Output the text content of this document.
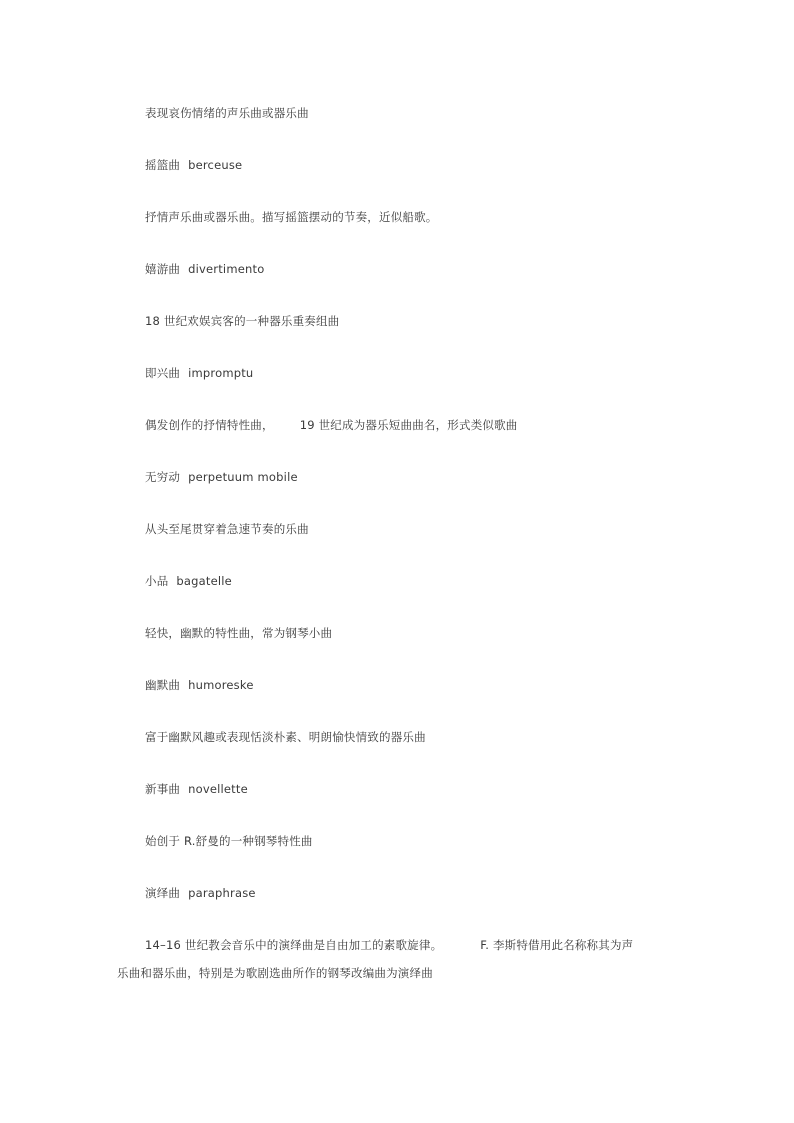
表现哀伤情绪的声乐曲或器乐曲
摇篮曲 berceuse
抒情声乐曲或器乐曲。描写摇篮摆动的节奏，近似船歌。
嬉游曲 divertimento
18 世纪欢娱宾客的一种器乐重奏组曲
即兴曲 impromptu
偶发创作的抒情特性曲， 19 世纪成为器乐短曲曲名，形式类似歌曲
无穷动 perpetuum mobile
从头至尾贯穿着急速节奏的乐曲
小品 bagatelle
轻快，幽默的特性曲，常为钢琴小曲
幽默曲 humoreske
富于幽默风趣或表现恬淡朴素、明朗愉快情致的器乐曲
新事曲 novellette
始创于 R.舒曼的一种钢琴特性曲
演绎曲 paraphrase
14–16 世纪教会音乐中的演绎曲是自由加工的素歌旋律。	F. 李斯特借用此名称称其为声
乐曲和器乐曲，特别是为歌剧选曲所作的钢琴改编曲为演绎曲
